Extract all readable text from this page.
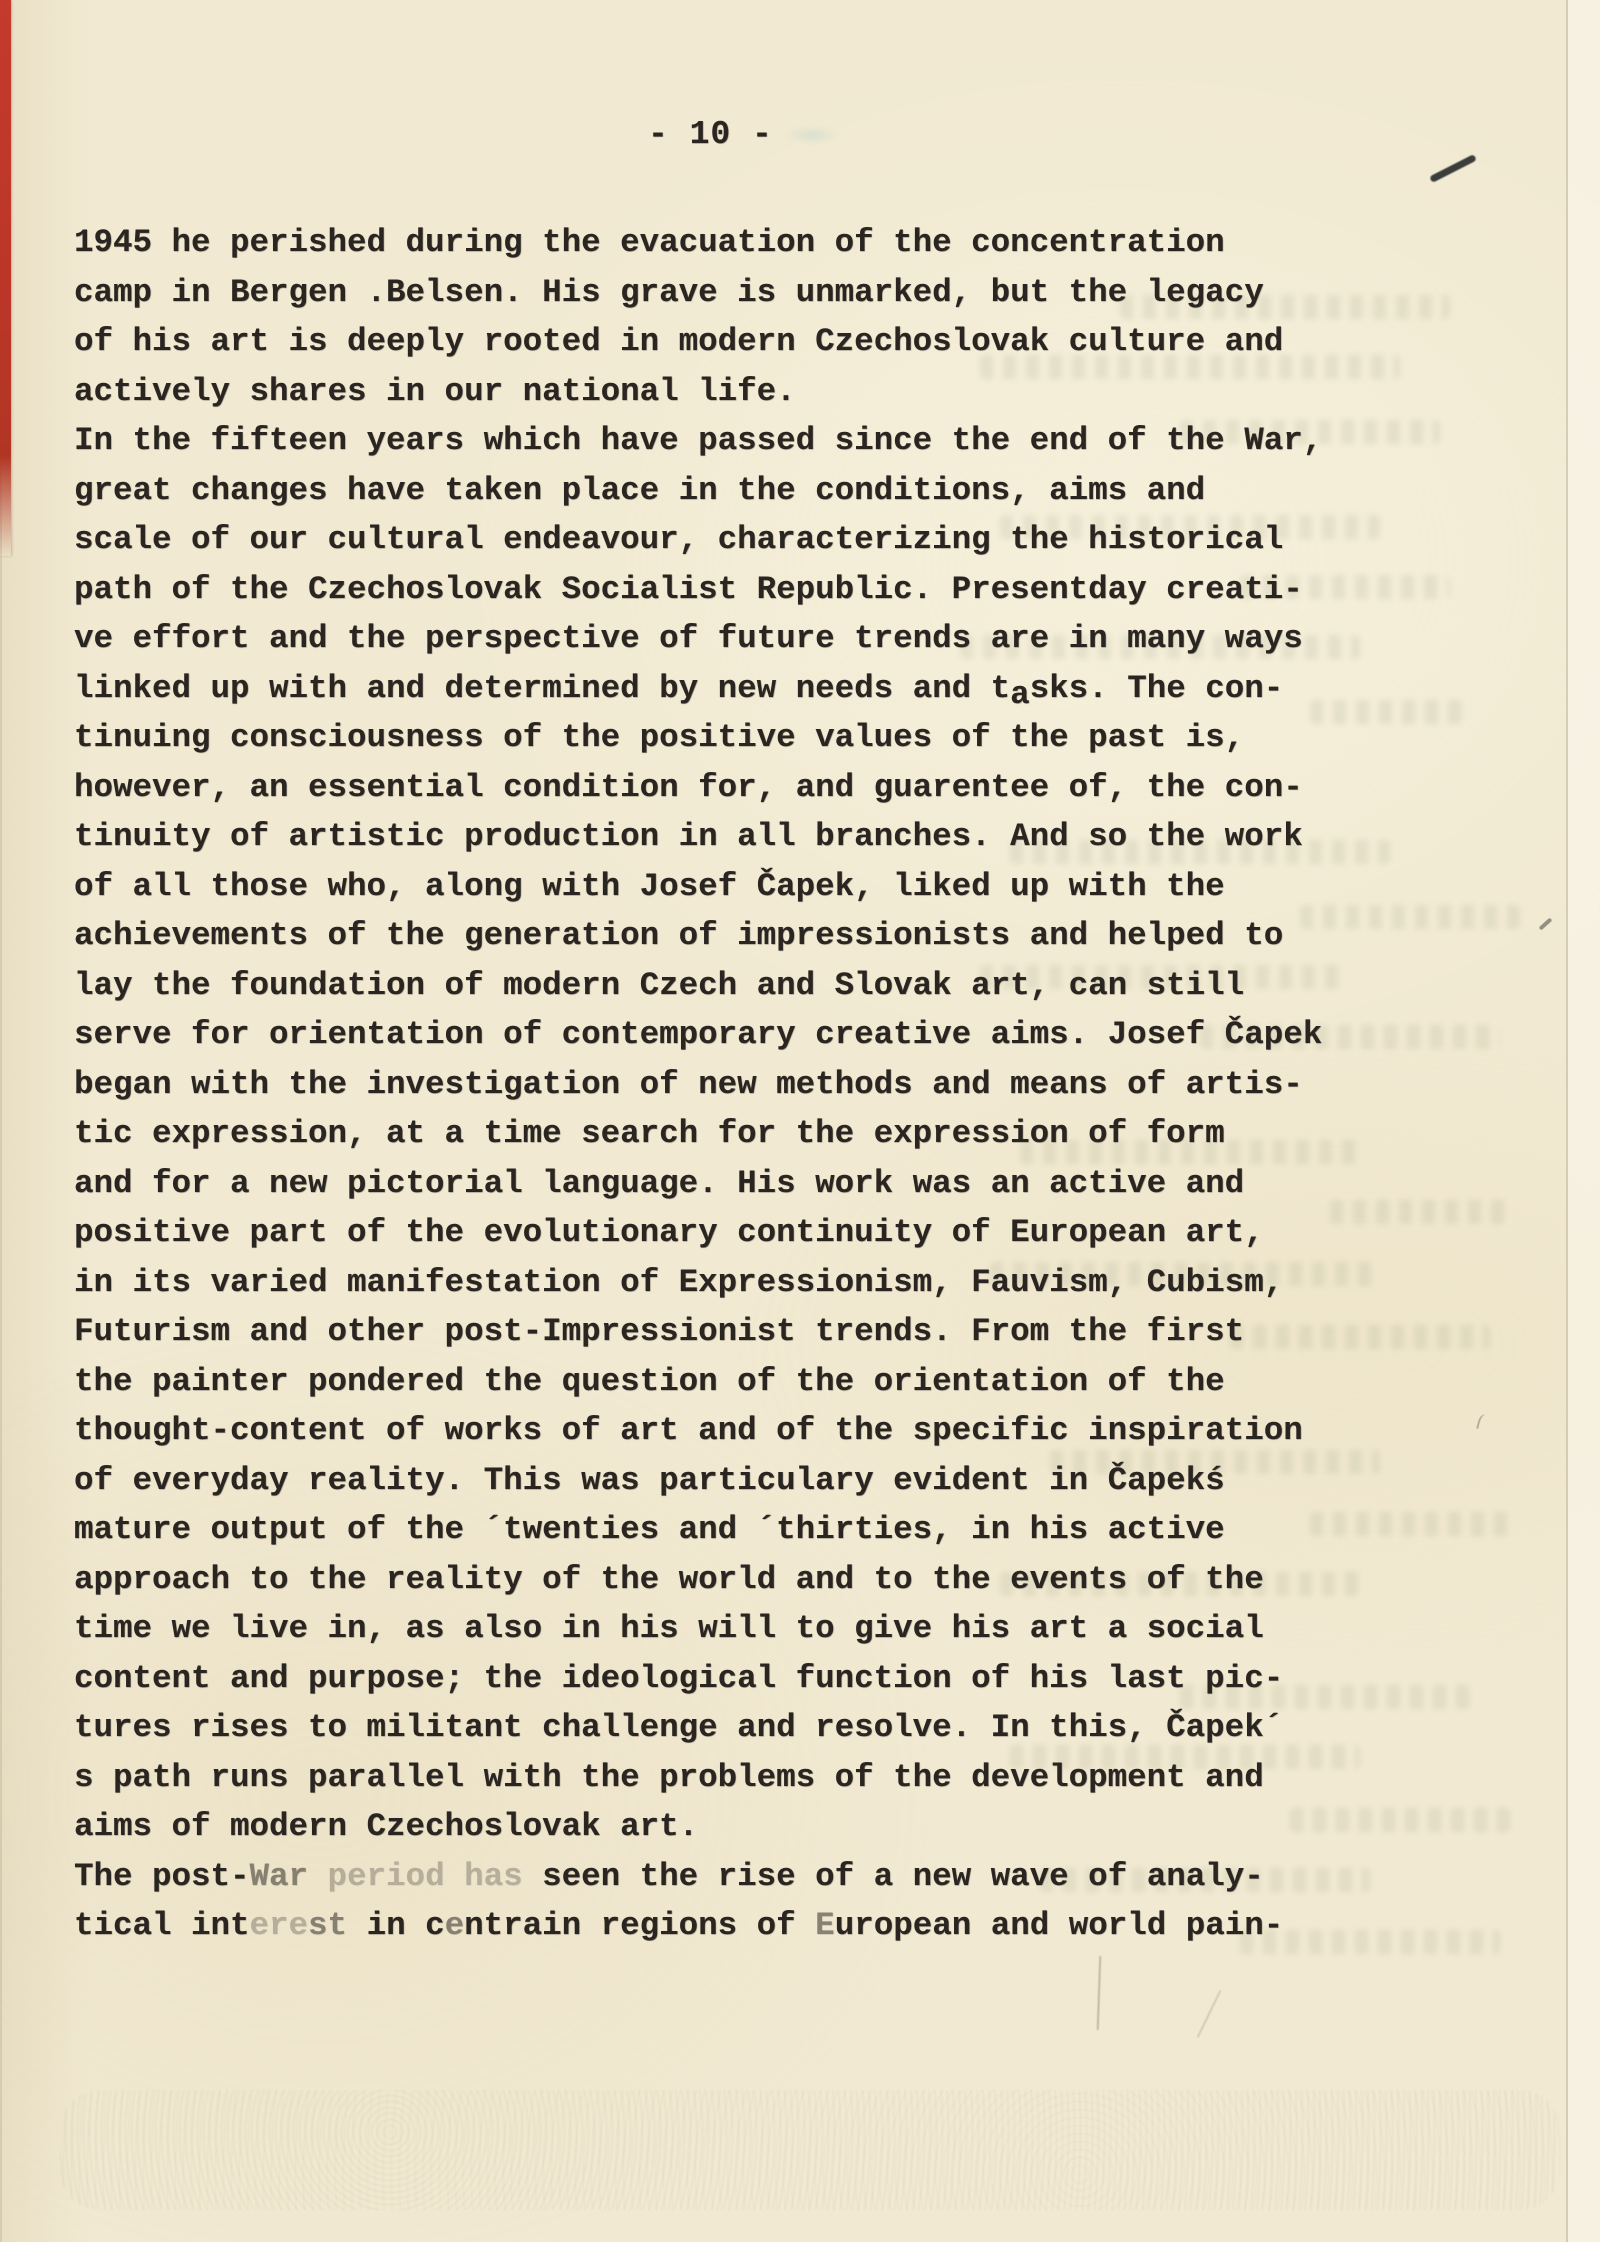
- 10 -
1945 he perished during the evacuation of the concentration
camp in Bergen .Belsen. His grave is unmarked, but the legacy
of his art is deeply rooted in modern Czechoslovak culture and
actively shares in our national life.
In the fifteen years which have passed since the end of the War,
great changes have taken place in the conditions, aims and
scale of our cultural endeavour, characterizing the historical
path of the Czechoslovak Socialist Republic. Presentday creati-
ve effort and the perspective of future trends are in many ways
linked up with and determined by new needs and tasks. The con-
tinuing consciousness of the positive values of the past is,
however, an essential condition for, and guarentee of, the con-
tinuity of artistic production in all branches. And so the work
of all those who, along with Josef Čapek, liked up with the
achievements of the generation of impressionists and helped to
lay the foundation of modern Czech and Slovak art, can still
serve for orientation of contemporary creative aims. Josef Čapek
began with the investigation of new methods and means of artis-
tic expression, at a time search for the expression of form
and for a new pictorial language. His work was an active and
positive part of the evolutionary continuity of European art,
in its varied manifestation of Expressionism, Fauvism, Cubism,
Futurism and other post-Impressionist trends. From the first
the painter pondered the question of the orientation of the
thought-content of works of art and of the specific inspiration
of everyday reality. This was particulary evident in Čapekś
mature output of the ´twenties and ´thirties, in his active
approach to the reality of the world and to the events of the
time we live in, as also in his will to give his art a social
content and purpose; the ideological function of his last pic-
tures rises to militant challenge and resolve. In this, Čapek´
s path runs parallel with the problems of the development and
aims of modern Czechoslovak art.
The post-War period has seen the rise of a new wave of analy-
tical interest in centrain regions of European and world pain-
